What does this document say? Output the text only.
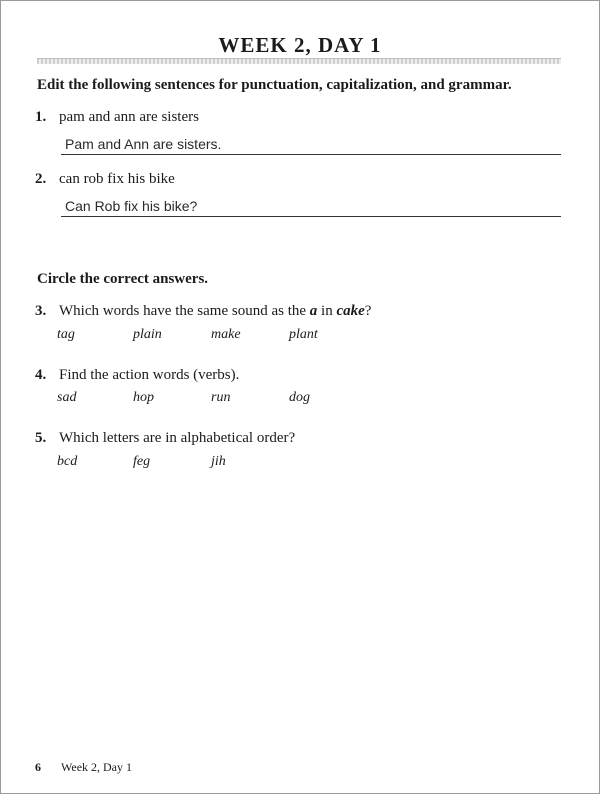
WEEK 2, DAY 1
Edit the following sentences for punctuation, capitalization, and grammar.
1. pam and ann are sisters
Pam and Ann are sisters.
2. can rob fix his bike
Can Rob fix his bike?
Circle the correct answers.
3. Which words have the same sound as the a in cake?
tag	plain	make	plant
4. Find the action words (verbs).
sad	hop	run	dog
5. Which letters are in alphabetical order?
bcd	feg	jih
6 Week 2, Day 1
